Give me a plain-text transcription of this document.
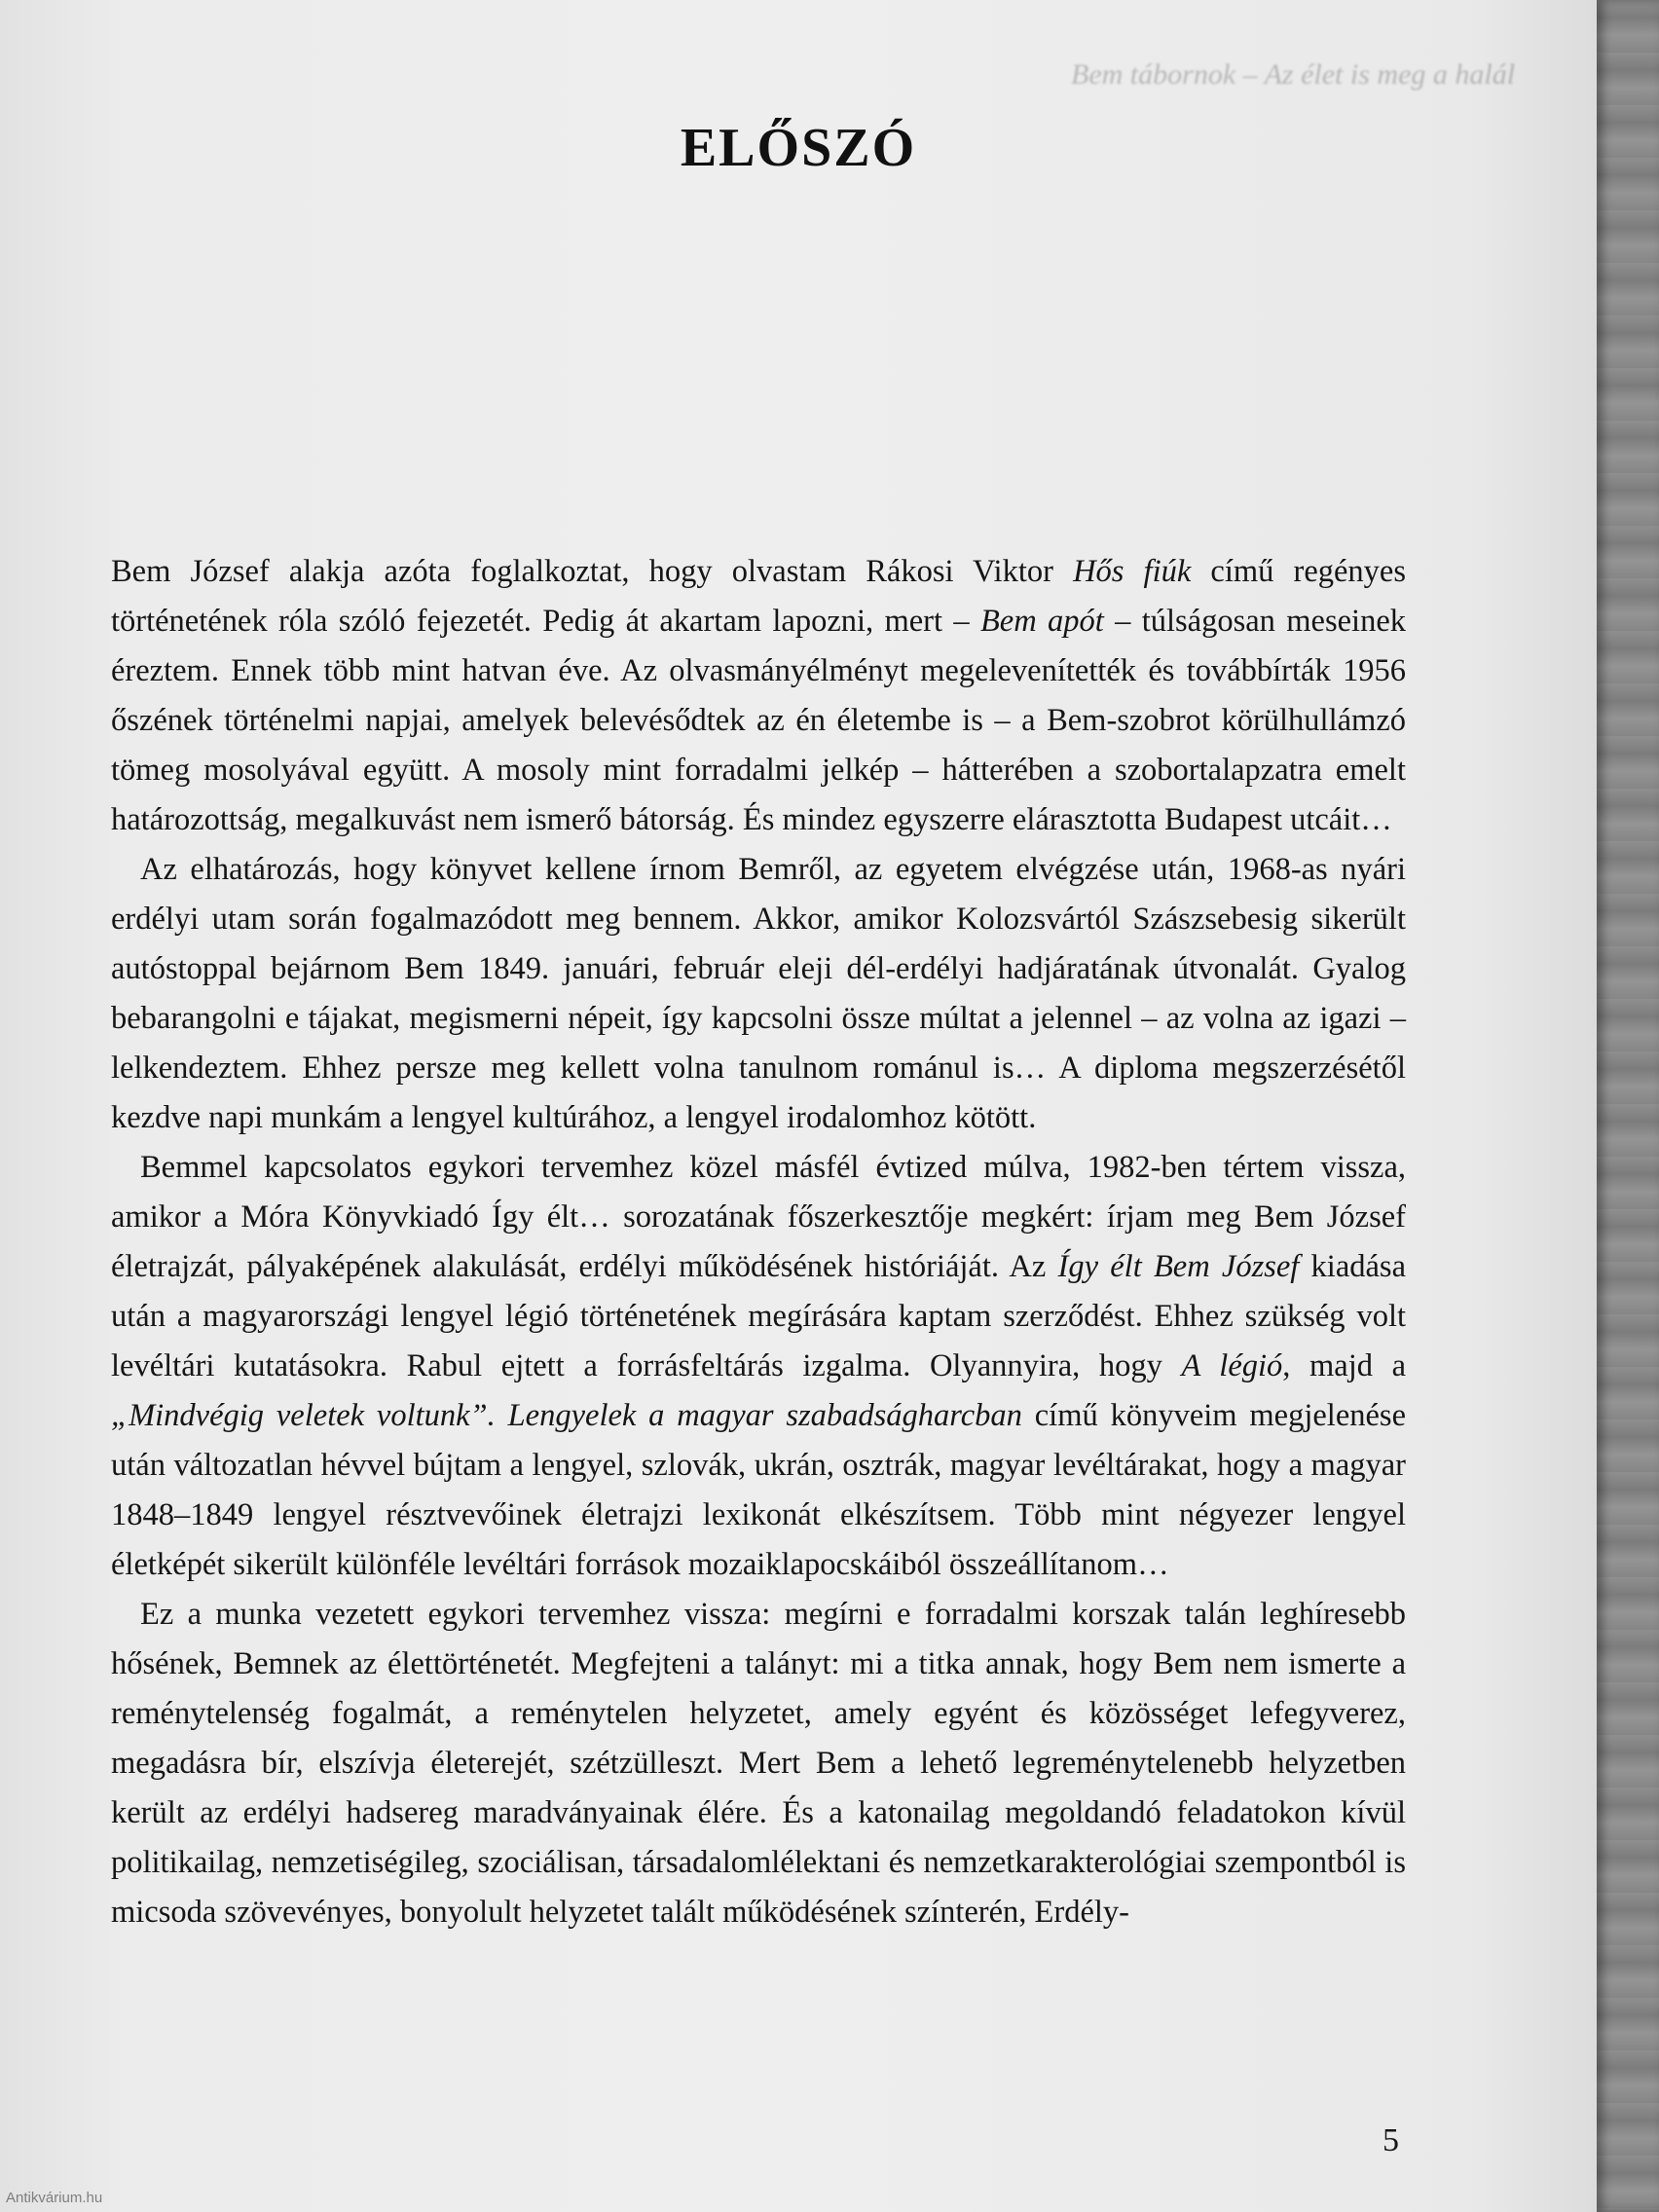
Bem tábornok – Az élet is meg a halál
ELŐSZÓ

Bem József alakja azóta foglalkoztat, hogy olvastam Rákosi Viktor Hős fiúk című regényes történetének róla szóló fejezetét. Pedig át akartam lapozni, mert – Bem apót – túlságosan meseinek éreztem. Ennek több mint hatvan éve. Az olvasmányélményt megelevenítették és továbbírták 1956 őszének történelmi napjai, amelyek belevésődtek az én életembe is – a Bem-szobrot körülhullámzó tömeg mosolyával együtt. A mosoly mint forradalmi jelkép – hátterében a szobortalapzatra emelt határozottság, megalkuvást nem ismerő bátorság. És mindez egyszerre elárasztotta Budapest utcáit…

Az elhatározás, hogy könyvet kellene írnom Bemről, az egyetem elvégzése után, 1968-as nyári erdélyi utam során fogalmazódott meg bennem. Akkor, amikor Kolozsvártól Szászsebesig sikerült autóstoppal bejárnom Bem 1849. januári, február eleji dél-erdélyi hadjáratának útvonalát. Gyalog bebarangolni e tájakat, megismerni népeit, így kapcsolni össze múltat a jelennel – az volna az igazi – lelkendeztem. Ehhez persze meg kellett volna tanulnom románul is… A diploma megszerzésétől kezdve napi munkám a lengyel kultúrához, a lengyel irodalomhoz kötött.

Bemmel kapcsolatos egykori tervemhez közel másfél évtized múlva, 1982-ben tértem vissza, amikor a Móra Könyvkiadó Így élt… sorozatának főszerkesztője megkért: írjam meg Bem József életrajzát, pályaképének alakulását, erdélyi működésének históriáját. Az Így élt Bem József kiadása után a magyarországi lengyel légió történetének megírására kaptam szerződést. Ehhez szükség volt levéltári kutatásokra. Rabul ejtett a forrásfeltárás izgalma. Olyannyira, hogy A légió, majd a „Mindvégig veletek voltunk”. Lengyelek a magyar szabadságharcban című könyveim megjelenése után változatlan hévvel bújtam a lengyel, szlovák, ukrán, osztrák, magyar levéltárakat, hogy a magyar 1848–1849 lengyel résztvevőinek életrajzi lexikonát elkészítsem. Több mint négyezer lengyel életképét sikerült különféle levéltári források mozaiklapocskáiból összeállítanom…

Ez a munka vezetett egykori tervemhez vissza: megírni e forradalmi korszak talán leghíresebb hősének, Bemnek az élettörténetét. Megfejteni a talányt: mi a titka annak, hogy Bem nem ismerte a reménytelenség fogalmát, a reménytelen helyzetet, amely egyént és közösséget lefegyverez, megadásra bír, elszívja életerejét, szétzülleszt. Mert Bem a lehető legreménytelenebb helyzetben került az erdélyi hadsereg maradványainak élére. És a katonailag megoldandó feladatokon kívül politikailag, nemzetiségileg, szociálisan, társadalomlélektani és nemzetkarakterológiai szempontból is micsoda szövevényes, bonyolult helyzetet talált működésének színterén, Erdély-

5
Antikvárium.hu
